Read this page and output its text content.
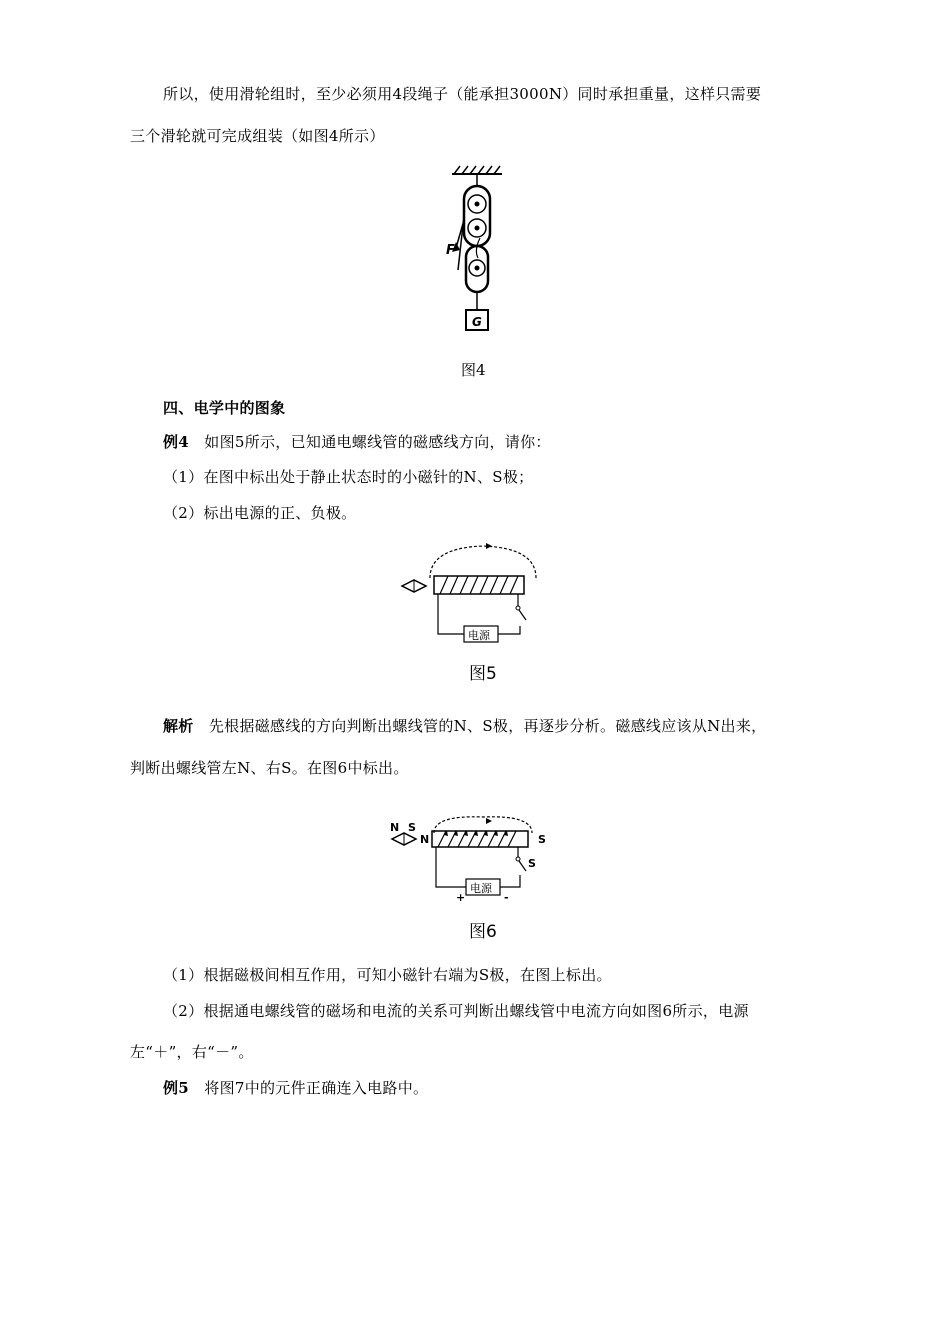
所以，使用滑轮组时，至少必须用4段绳子（能承担3000N）同时承担重量，这样只需要
三个滑轮就可完成组装（如图4所示）
F
G
图4
四、电学中的图象
例4 如图5所示，已知通电螺线管的磁感线方向，请你：
（1）在图中标出处于静止状态时的小磁针的N、S极；
（2）标出电源的正、负极。
电源
图5
解析 先根据磁感线的方向判断出螺线管的N、S极，再逐步分析。磁感线应该从N出来，
判断出螺线管左N、右S。在图6中标出。
N S
N	S
S
电源
+	-
图6
（1）根据磁极间相互作用，可知小磁针右端为S极，在图上标出。
（2）根据通电螺线管的磁场和电流的关系可判断出螺线管中电流方向如图6所示，电源
左“＋”，右“－”。
例5 将图7中的元件正确连入电路中。
